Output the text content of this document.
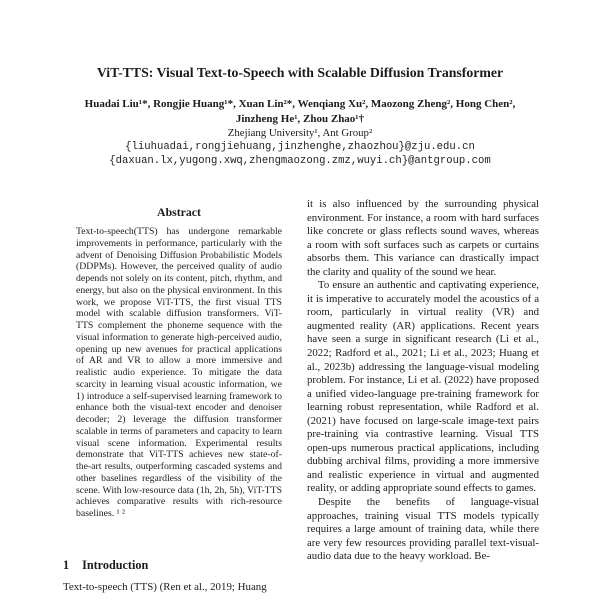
ViT-TTS: Visual Text-to-Speech with Scalable Diffusion Transformer
Huadai Liu¹*, Rongjie Huang¹*, Xuan Lin²*, Wenqiang Xu², Maozong Zheng², Hong Chen²,
Jinzheng He¹, Zhou Zhao¹†
Zhejiang University¹, Ant Group²
{liuhuadai,rongjiehuang,jinzhenghe,zhaozhou}@zju.edu.cn
{daxuan.lx,yugong.xwq,zhengmaozong.zmz,wuyi.ch}@antgroup.com
Abstract

Text-to-speech(TTS) has undergone remarkable improvements in performance, particularly with the advent of Denoising Diffusion Probabilistic Models (DDPMs). However, the perceived quality of audio depends not solely on its content, pitch, rhythm, and energy, but also on the physical environment. In this work, we propose ViT-TTS, the first visual TTS model with scalable diffusion transformers. ViT-TTS complement the phoneme sequence with the visual information to generate high-perceived audio, opening up new avenues for practical applications of AR and VR to allow a more immersive and realistic audio experience. To mitigate the data scarcity in learning visual acoustic information, we 1) introduce a self-supervised learning framework to enhance both the visual-text encoder and denoiser decoder; 2) leverage the diffusion transformer scalable in terms of parameters and capacity to learn visual scene information. Experimental results demonstrate that ViT-TTS achieves new state-of-the-art results, outperforming cascaded systems and other baselines regardless of the visibility of the scene. With low-resource data (1h, 2h, 5h), ViT-TTS achieves comparative results with rich-resource baselines. ¹ ²

1 Introduction

Text-to-speech (TTS) (Ren et al., 2019; Huang

it is also influenced by the surrounding physical environment. For instance, a room with hard surfaces like concrete or glass reflects sound waves, whereas a room with soft surfaces such as carpets or curtains absorbs them. This variance can drastically impact the clarity and quality of the sound we hear.

To ensure an authentic and captivating experience, it is imperative to accurately model the acoustics of a room, particularly in virtual reality (VR) and augmented reality (AR) applications. Recent years have seen a surge in significant research (Li et al., 2022; Radford et al., 2021; Li et al., 2023; Huang et al., 2023b) addressing the language-visual modeling problem. For instance, Li et al. (2022) have proposed a unified video-language pre-training framework for learning robust representation, while Radford et al. (2021) have focused on large-scale image-text pairs pre-training via contrastive learning. Visual TTS open-ups numerous practical applications, including dubbing archival films, providing a more immersive and realistic experience in virtual and augmented reality, or adding appropriate sound effects to games.

Despite the benefits of language-visual approaches, training visual TTS models typically requires a large amount of training data, while there are very few resources providing parallel text-visual-audio data due to the heavy workload. Be-
